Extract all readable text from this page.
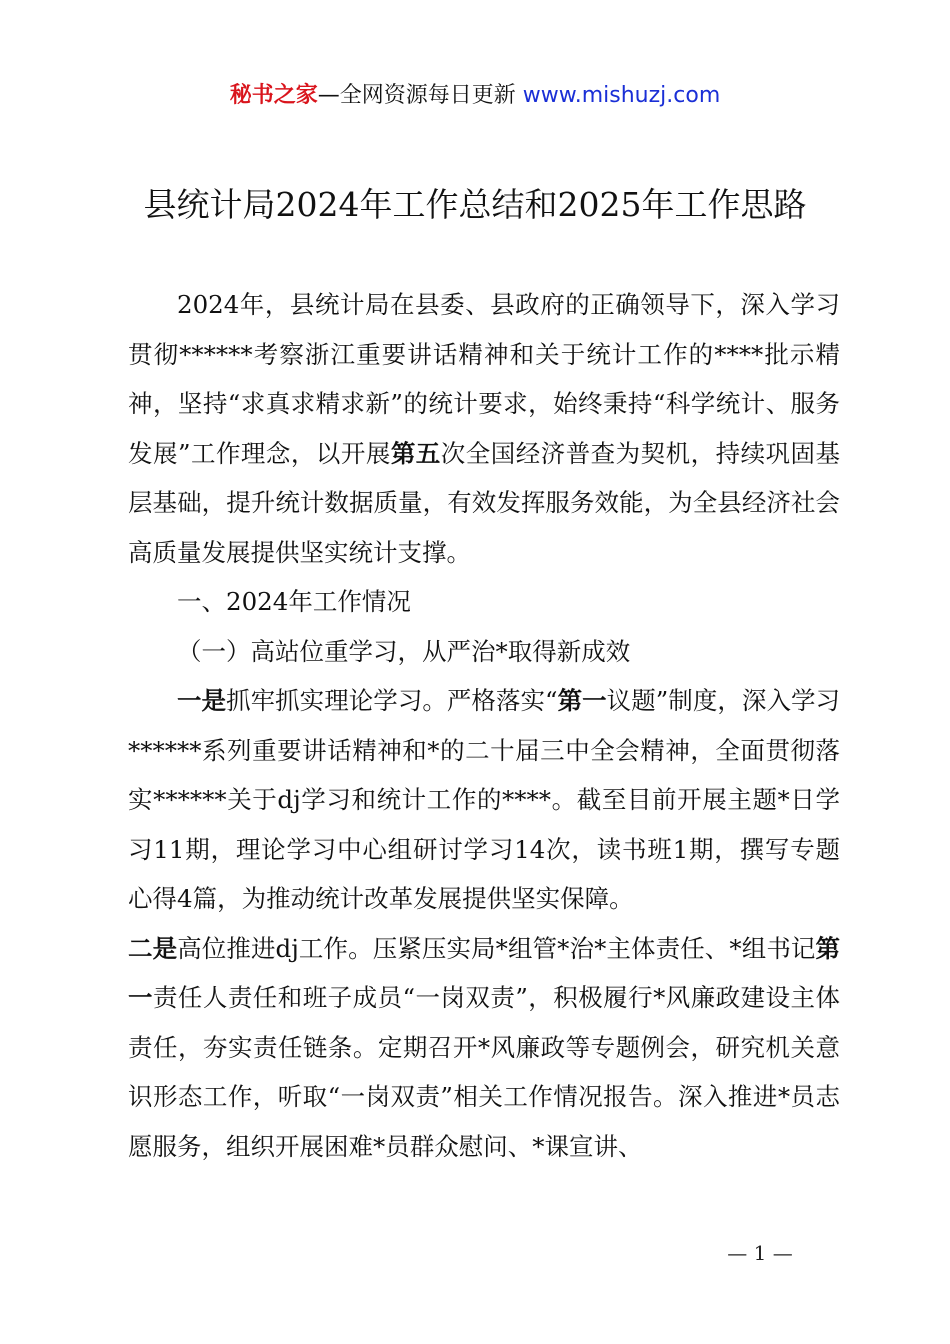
秘书之家—全网资源每日更新 www.mishuzj.com
县统计局2024年工作总结和2025年工作思路

2024年，县统计局在县委、县政府的正确领导下，深入学习贯彻******考察浙江重要讲话精神和关于统计工作的****批示精神，坚持“求真求精求新”的统计要求，始终秉持“科学统计、服务发展”工作理念，以开展第五次全国经济普查为契机，持续巩固基层基础，提升统计数据质量，有效发挥服务效能，为全县经济社会高质量发展提供坚实统计支撑。

一、2024年工作情况

（一）高站位重学习，从严治*取得新成效

一是抓牢抓实理论学习。严格落实“第一议题”制度，深入学习******系列重要讲话精神和*的二十届三中全会精神，全面贯彻落实******关于dj学习和统计工作的****。截至目前开展主题*日学习11期，理论学习中心组研讨学习14次，读书班1期，撰写专题心得4篇，为推动统计改革发展提供坚实保障。

二是高位推进dj工作。压紧压实局*组管*治*主体责任、*组书记第一责任人责任和班子成员“一岗双责”，积极履行*风廉政建设主体责任，夯实责任链条。定期召开*风廉政等专题例会，研究机关意识形态工作，听取“一岗双责”相关工作情况报告。深入推进*员志愿服务，组织开展困难*员群众慰问、*课宣讲、

— 1 —
